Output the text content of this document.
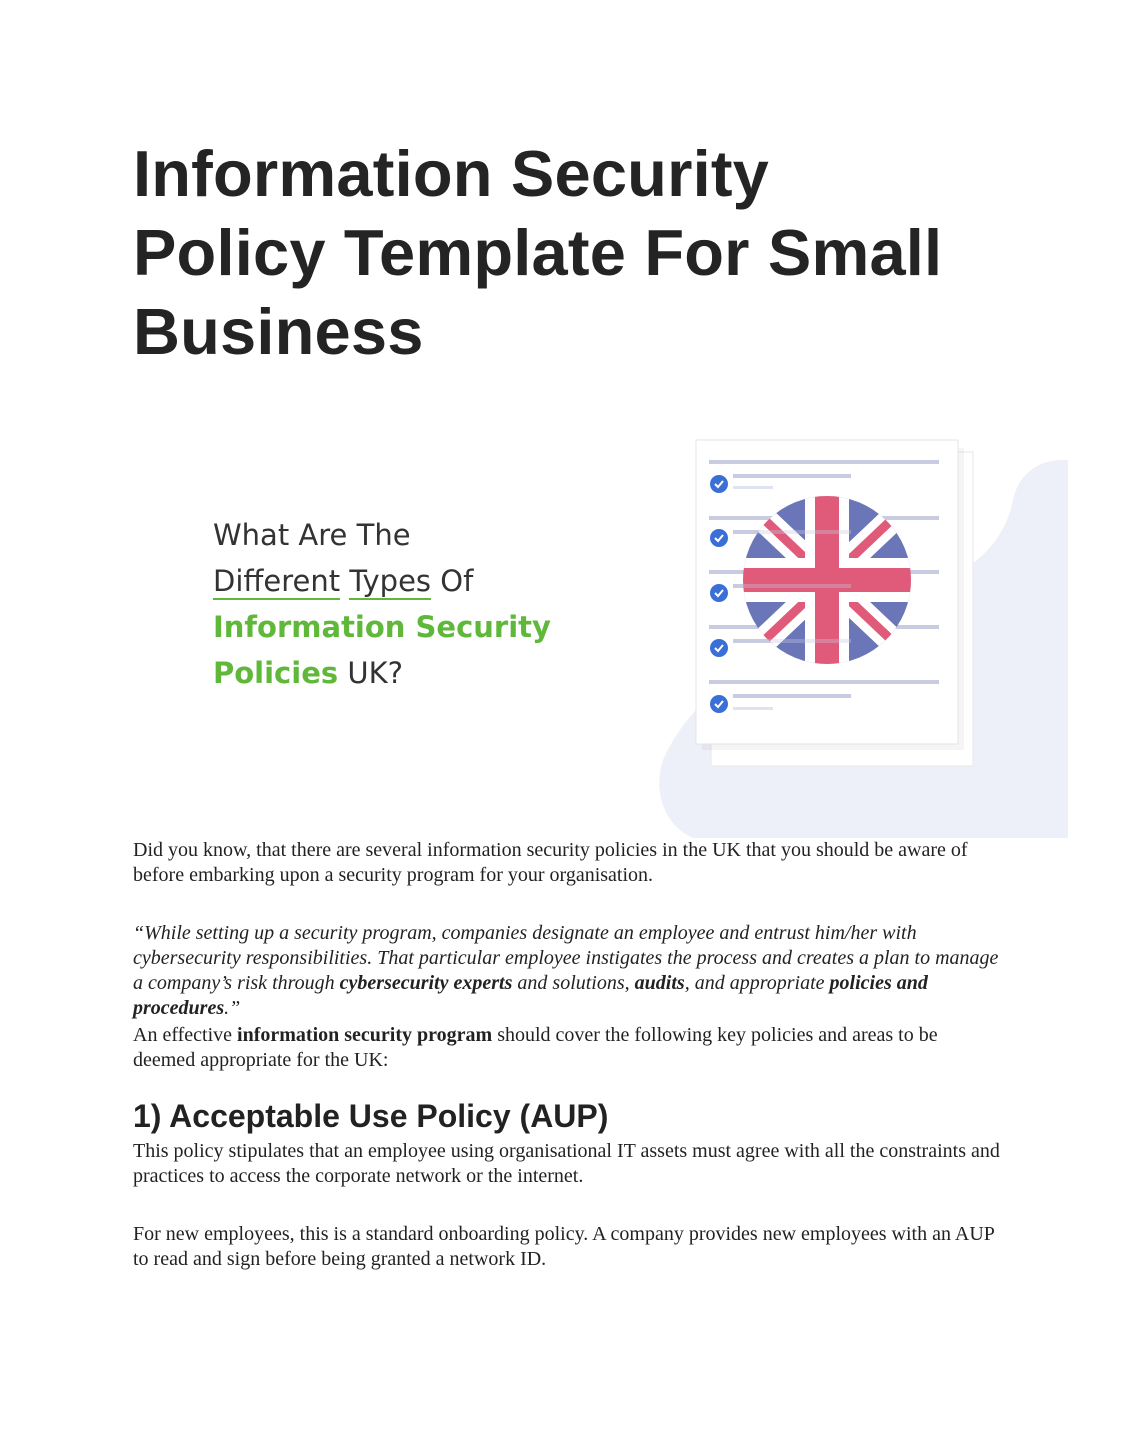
Information Security
Policy Template For Small
Business
What Are The
Different Types Of
Information Security
Policies UK?

Did you know, that there are several information security policies in the UK that you should be aware of before embarking upon a security program for your organisation.

“While setting up a security program, companies designate an employee and entrust him/her with cybersecurity responsibilities. That particular employee instigates the process and creates a plan to manage a company’s risk through cybersecurity experts and solutions, audits, and appropriate policies and procedures.”

An effective information security program should cover the following key policies and areas to be deemed appropriate for the UK:

1) Acceptable Use Policy (AUP)

This policy stipulates that an employee using organisational IT assets must agree with all the constraints and practices to access the corporate network or the internet.

For new employees, this is a standard onboarding policy. A company provides new employees with an AUP to read and sign before being granted a network ID.
